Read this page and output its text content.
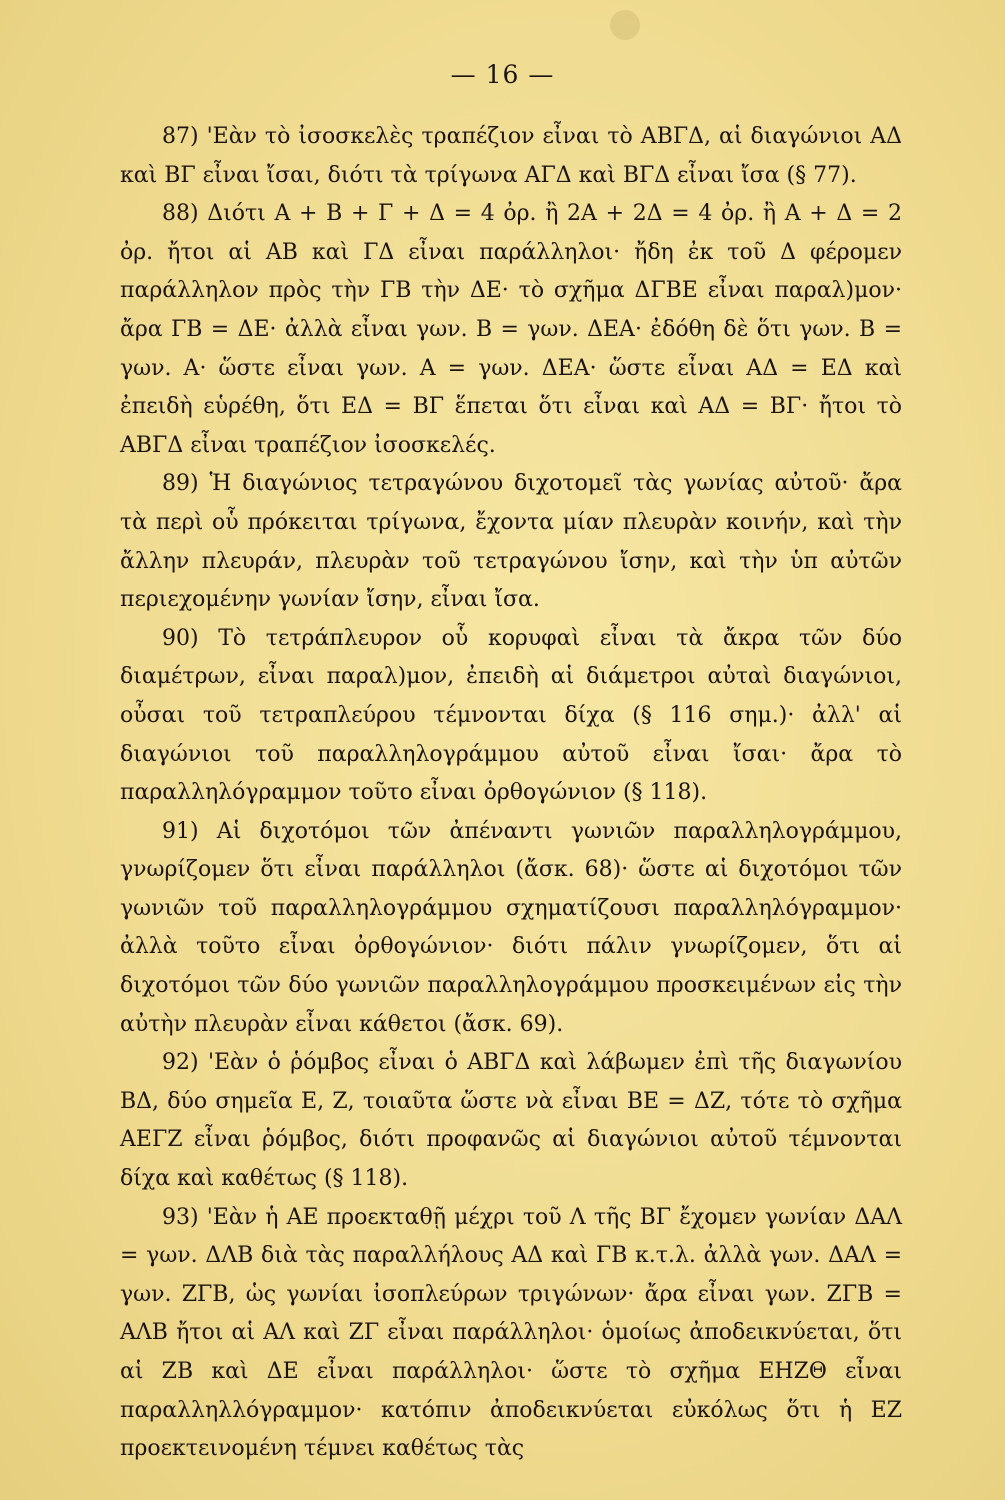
— 16 —

87) 'Εὰν τὸ ἰσοσκελὲς τραπέζιον εἶναι τὸ ΑΒΓΔ, αἱ διαγώνιοι ΑΔ καὶ ΒΓ εἶναι ἴσαι, διότι τὰ τρίγωνα ΑΓΔ καὶ ΒΓΔ εἶναι ἴσα (§ 77).

88) Διότι Α + Β + Γ + Δ = 4 ὀρ. ἢ 2Α + 2Δ = 4 ὀρ. ἢ Α + Δ = 2 ὀρ. ἤτοι αἱ ΑΒ καὶ ΓΔ εἶναι παράλληλοι· ἤδη ἐκ τοῦ Δ φέρομεν παράλληλον πρὸς τὴν ΓΒ τὴν ΔΕ· τὸ σχῆμα ΔΓΒΕ εἶναι παραλ)μον· ἄρα ΓΒ = ΔΕ· ἀλλὰ εἶναι γων. Β = γων. ΔΕΑ· ἐδόθη δὲ ὅτι γων. Β = γων. Α· ὥστε εἶναι γων. Α = γων. ΔΕΑ· ὥστε εἶναι ΑΔ = ΕΔ καὶ ἐπειδὴ εὑρέθη, ὅτι ΕΔ = ΒΓ ἕπεται ὅτι εἶναι καὶ ΑΔ = ΒΓ· ἤτοι τὸ ΑΒΓΔ εἶναι τραπέζιον ἰσοσκελές.

89) Ἡ διαγώνιος τετραγώνου διχοτομεῖ τὰς γωνίας αὐτοῦ· ἄρα τὰ περὶ οὗ πρόκειται τρίγωνα, ἔχοντα μίαν πλευρὰν κοινήν, καὶ τὴν ἄλλην πλευράν, πλευρὰν τοῦ τετραγώνου ἴσην, καὶ τὴν ὑπ αὐτῶν περιεχομένην γωνίαν ἴσην, εἶναι ἴσα.

90) Τὸ τετράπλευρον οὗ κορυφαὶ εἶναι τὰ ἄκρα τῶν δύο διαμέτρων, εἶναι παραλ)μον, ἐπειδὴ αἱ διάμετροι αὐταὶ διαγώνιοι, οὖσαι τοῦ τετραπλεύρου τέμνονται δίχα (§ 116 σημ.)· ἀλλ' αἱ διαγώνιοι τοῦ παραλληλογράμμου αὐτοῦ εἶναι ἴσαι· ἄρα τὸ παραλληλόγραμμον τοῦτο εἶναι ὀρθογώνιον (§ 118).

91) Αἱ διχοτόμοι τῶν ἀπέναντι γωνιῶν παραλληλογράμμου, γνωρίζομεν ὅτι εἶναι παράλληλοι (ἄσκ. 68)· ὥστε αἱ διχοτόμοι τῶν γωνιῶν τοῦ παραλληλογράμμου σχηματίζουσι παραλληλόγραμμον· ἀλλὰ τοῦτο εἶναι ὀρθογώνιον· διότι πάλιν γνωρίζομεν, ὅτι αἱ διχοτόμοι τῶν δύο γωνιῶν παραλληλογράμμου προσκειμένων εἰς τὴν αὐτὴν πλευρὰν εἶναι κάθετοι (ἄσκ. 69).

92) 'Εὰν ὁ ῥόμβος εἶναι ὁ ΑΒΓΔ καὶ λάβωμεν ἐπὶ τῆς διαγωνίου ΒΔ, δύο σημεῖα Ε, Ζ, τοιαῦτα ὥστε νὰ εἶναι ΒΕ = ΔΖ, τότε τὸ σχῆμα ΑΕΓΖ εἶναι ῥόμβος, διότι προφανῶς αἱ διαγώνιοι αὐτοῦ τέμνονται δίχα καὶ καθέτως (§ 118).

93) 'Εὰν ἡ ΑΕ προεκταθῇ μέχρι τοῦ Λ τῆς ΒΓ ἔχομεν γωνίαν ΔΑΛ = γων. ΔΛΒ διὰ τὰς παραλλήλους ΑΔ καὶ ΓΒ κ.τ.λ. ἀλλὰ γων. ΔΑΛ = γων. ΖΓΒ, ὡς γωνίαι ἰσοπλεύρων τριγώνων· ἄρα εἶναι γων. ΖΓΒ = ΑΛΒ ἤτοι αἱ ΑΛ καὶ ΖΓ εἶναι παράλληλοι· ὁμοίως ἀποδεικνύεται, ὅτι αἱ ΖΒ καὶ ΔΕ εἶναι παράλληλοι· ὥστε τὸ σχῆμα ΕΗΖΘ εἶναι παραλληλλόγραμμον· κατόπιν ἀποδεικνύεται εὐκόλως ὅτι ἡ ΕΖ προεκτεινομένη τέμνει καθέτως τὰς
